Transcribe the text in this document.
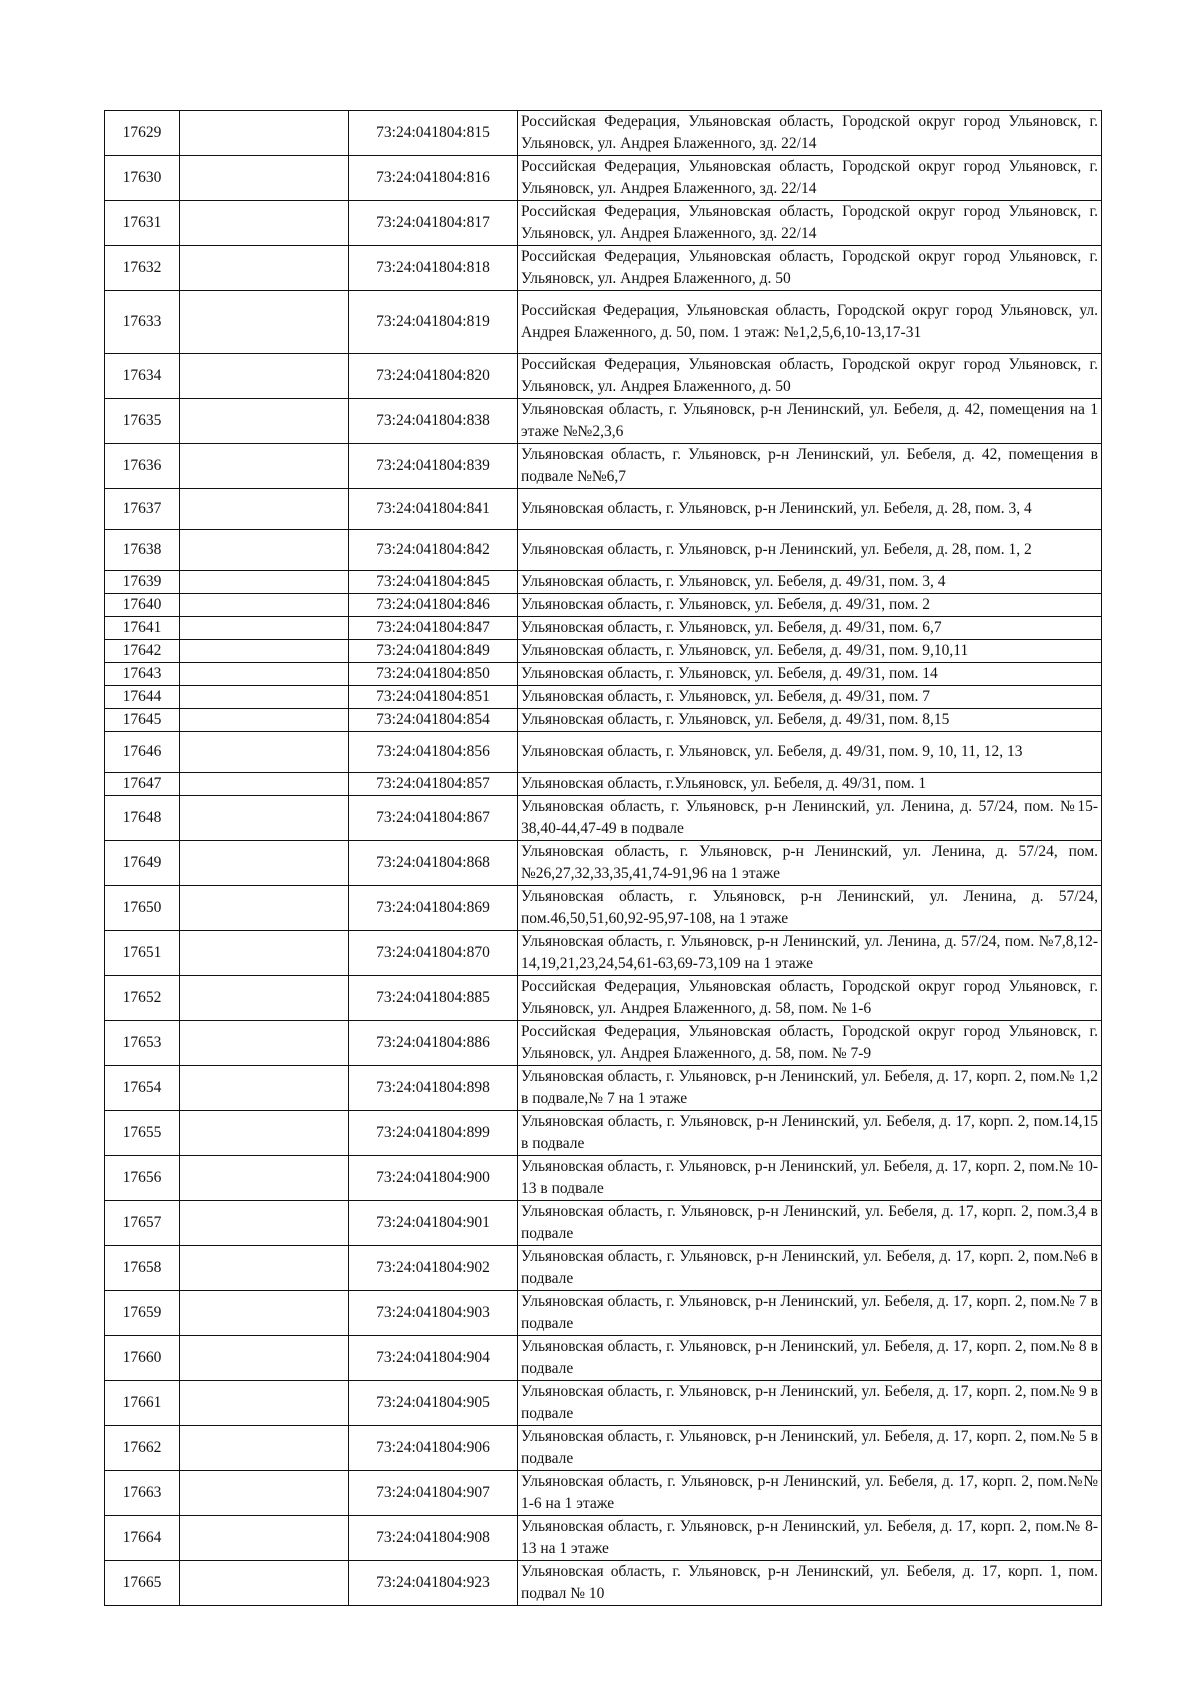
17629		73:24:041804:815	Российская Федерация, Ульяновская область, Городской округ город Ульяновск, г. Ульяновск, ул. Андрея Блаженного, зд. 22/14
17630		73:24:041804:816	Российская Федерация, Ульяновская область, Городской округ город Ульяновск, г. Ульяновск, ул. Андрея Блаженного, зд. 22/14
17631		73:24:041804:817	Российская Федерация, Ульяновская область, Городской округ город Ульяновск, г. Ульяновск, ул. Андрея Блаженного, зд. 22/14
17632		73:24:041804:818	Российская Федерация, Ульяновская область, Городской округ город Ульяновск, г. Ульяновск, ул. Андрея Блаженного, д. 50
17633		73:24:041804:819	Российская Федерация, Ульяновская область, Городской округ город Ульяновск, ул. Андрея Блаженного, д. 50, пом. 1 этаж: №1,2,5,6,10-13,17-31
17634		73:24:041804:820	Российская Федерация, Ульяновская область, Городской округ город Ульяновск, г. Ульяновск, ул. Андрея Блаженного, д. 50
17635		73:24:041804:838	Ульяновская область, г. Ульяновск, р-н Ленинский, ул. Бебеля, д. 42, помещения на 1 этаже №№2,3,6
17636		73:24:041804:839	Ульяновская область, г. Ульяновск, р-н Ленинский, ул. Бебеля, д. 42, помещения в подвале №№6,7
17637		73:24:041804:841	Ульяновская область, г. Ульяновск, р-н Ленинский, ул. Бебеля, д. 28, пом. 3, 4
17638		73:24:041804:842	Ульяновская область, г. Ульяновск, р-н Ленинский, ул. Бебеля, д. 28, пом. 1, 2
17639		73:24:041804:845	Ульяновская область, г. Ульяновск, ул. Бебеля, д. 49/31, пом. 3, 4
17640		73:24:041804:846	Ульяновская область, г. Ульяновск, ул. Бебеля, д. 49/31, пом. 2
17641		73:24:041804:847	Ульяновская область, г. Ульяновск, ул. Бебеля, д. 49/31, пом. 6,7
17642		73:24:041804:849	Ульяновская область, г. Ульяновск, ул. Бебеля, д. 49/31, пом. 9,10,11
17643		73:24:041804:850	Ульяновская область, г. Ульяновск, ул. Бебеля, д. 49/31, пом. 14
17644		73:24:041804:851	Ульяновская область, г. Ульяновск, ул. Бебеля, д. 49/31, пом. 7
17645		73:24:041804:854	Ульяновская область, г. Ульяновск, ул. Бебеля, д. 49/31, пом. 8,15
17646		73:24:041804:856	Ульяновская область, г. Ульяновск, ул. Бебеля, д. 49/31, пом. 9, 10, 11, 12, 13
17647		73:24:041804:857	Ульяновская область, г.Ульяновск, ул. Бебеля, д. 49/31, пом. 1
17648		73:24:041804:867	Ульяновская область, г. Ульяновск, р-н Ленинский, ул. Ленина, д. 57/24, пом. №15-38,40-44,47-49 в подвале
17649		73:24:041804:868	Ульяновская область, г. Ульяновск, р-н Ленинский, ул. Ленина, д. 57/24, пом. №26,27,32,33,35,41,74-91,96 на 1 этаже
17650		73:24:041804:869	Ульяновская область, г. Ульяновск, р-н Ленинский, ул. Ленина, д. 57/24, пом.46,50,51,60,92-95,97-108, на 1 этаже
17651		73:24:041804:870	Ульяновская область, г. Ульяновск, р-н Ленинский, ул. Ленина, д. 57/24, пом. №7,8,12-14,19,21,23,24,54,61-63,69-73,109 на 1 этаже
17652		73:24:041804:885	Российская Федерация, Ульяновская область, Городской округ город Ульяновск, г. Ульяновск, ул. Андрея Блаженного, д. 58, пом. № 1-6
17653		73:24:041804:886	Российская Федерация, Ульяновская область, Городской округ город Ульяновск, г. Ульяновск, ул. Андрея Блаженного, д. 58, пом. № 7-9
17654		73:24:041804:898	Ульяновская область, г. Ульяновск, р-н Ленинский, ул. Бебеля, д. 17, корп. 2, пом.№ 1,2 в подвале,№ 7 на 1 этаже
17655		73:24:041804:899	Ульяновская область, г. Ульяновск, р-н Ленинский, ул. Бебеля, д. 17, корп. 2, пом.14,15 в подвале
17656		73:24:041804:900	Ульяновская область, г. Ульяновск, р-н Ленинский, ул. Бебеля, д. 17, корп. 2, пом.№ 10-13 в подвале
17657		73:24:041804:901	Ульяновская область, г. Ульяновск, р-н Ленинский, ул. Бебеля, д. 17, корп. 2, пом.3,4 в подвале
17658		73:24:041804:902	Ульяновская область, г. Ульяновск, р-н Ленинский, ул. Бебеля, д. 17, корп. 2, пом.№6 в подвале
17659		73:24:041804:903	Ульяновская область, г. Ульяновск, р-н Ленинский, ул. Бебеля, д. 17, корп. 2, пом.№ 7 в подвале
17660		73:24:041804:904	Ульяновская область, г. Ульяновск, р-н Ленинский, ул. Бебеля, д. 17, корп. 2, пом.№ 8 в подвале
17661		73:24:041804:905	Ульяновская область, г. Ульяновск, р-н Ленинский, ул. Бебеля, д. 17, корп. 2, пом.№ 9 в подвале
17662		73:24:041804:906	Ульяновская область, г. Ульяновск, р-н Ленинский, ул. Бебеля, д. 17, корп. 2, пом.№ 5 в подвале
17663		73:24:041804:907	Ульяновская область, г. Ульяновск, р-н Ленинский, ул. Бебеля, д. 17, корп. 2, пом.№№ 1-6 на 1 этаже
17664		73:24:041804:908	Ульяновская область, г. Ульяновск, р-н Ленинский, ул. Бебеля, д. 17, корп. 2, пом.№ 8-13 на 1 этаже
17665		73:24:041804:923	Ульяновская область, г. Ульяновск, р-н Ленинский, ул. Бебеля, д. 17, корп. 1, пом. подвал № 10
